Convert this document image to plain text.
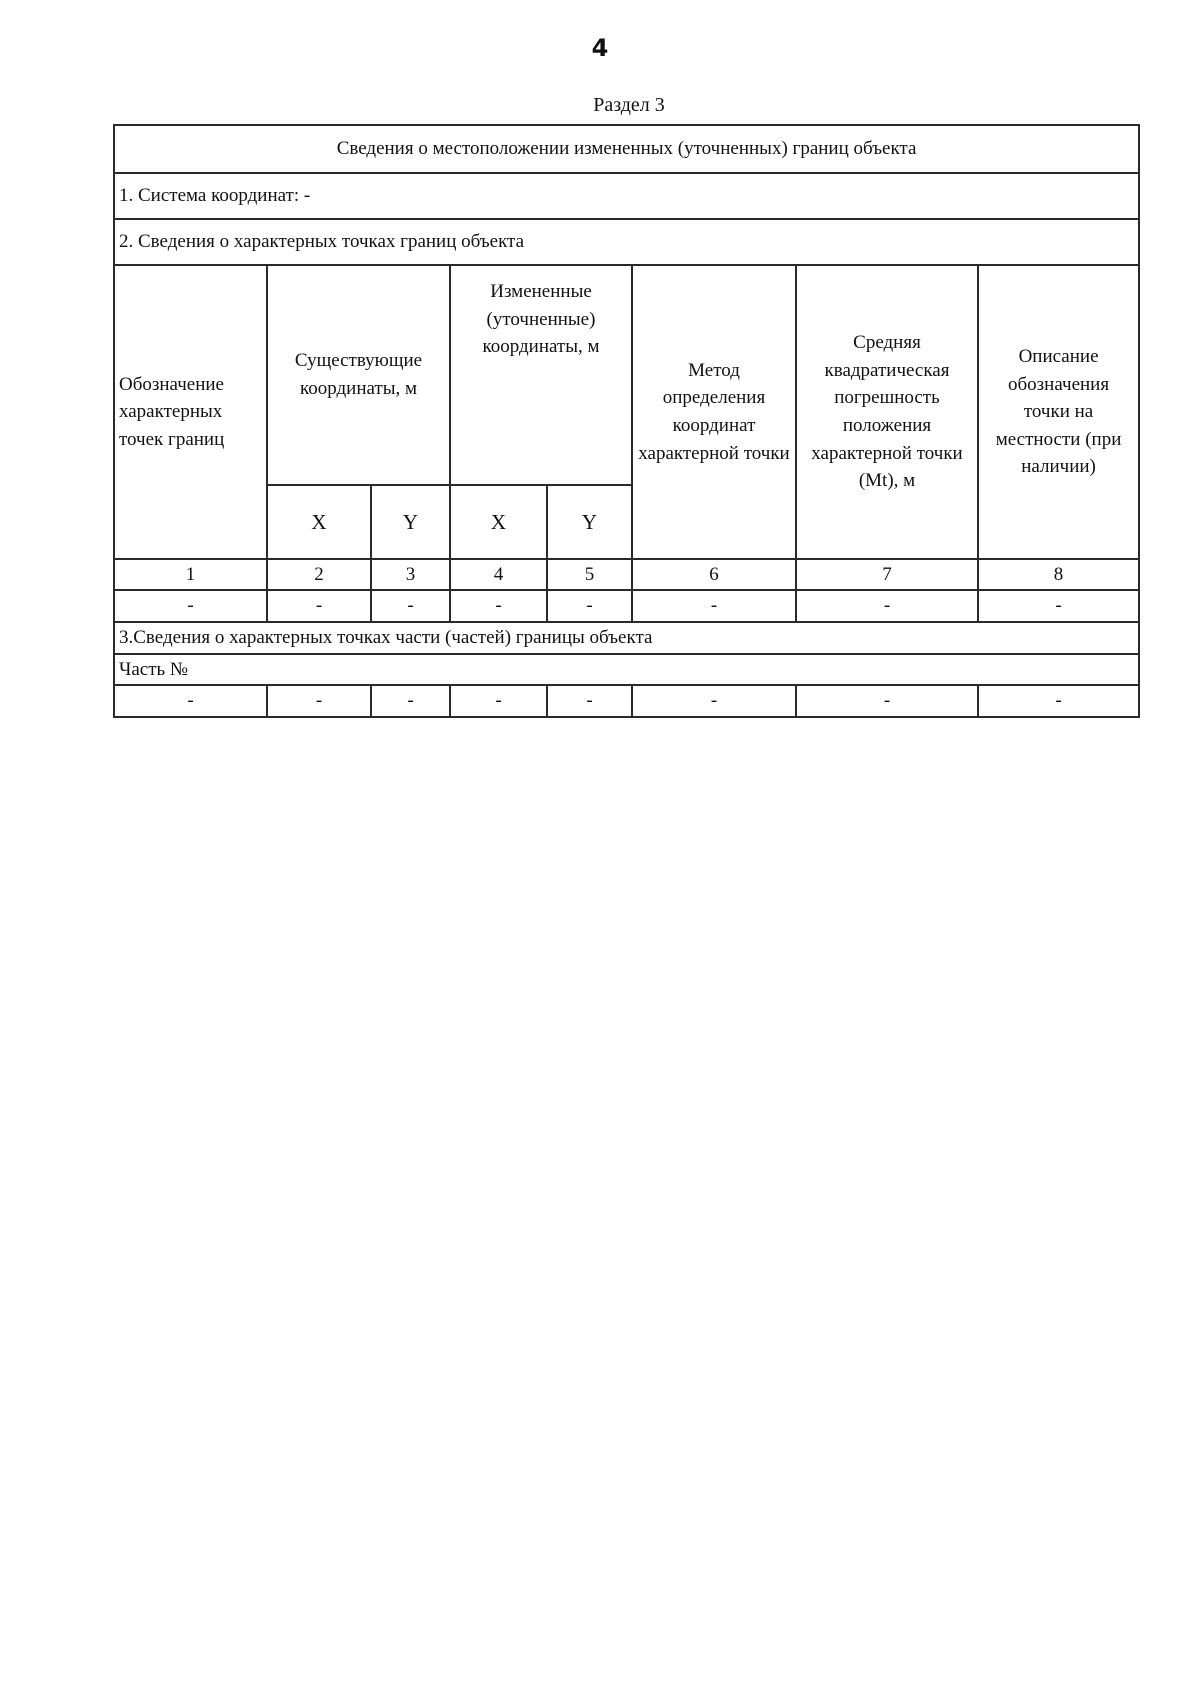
4
Раздел 3
Сведения о местоположении измененных (уточненных) границ объекта							
1. Система координат: -							
2. Сведения о характерных точках границ объекта							
Обозначение характерных точек границ	Существующие координаты, м		Измененные (уточненные) координаты, м		Метод определения координат характерной точки	Средняя квадратическая погрешность положения характерной точки (Mt), м	Описание обозначения точки на местности (при наличии)
	X	Y	X	Y			
1	2	3	4	5	6	7	8
-	-	-	-	-	-	-	-
3.Сведения о характерных точках части (частей) границы объекта							
Часть №							
-	-	-	-	-	-	-	-
